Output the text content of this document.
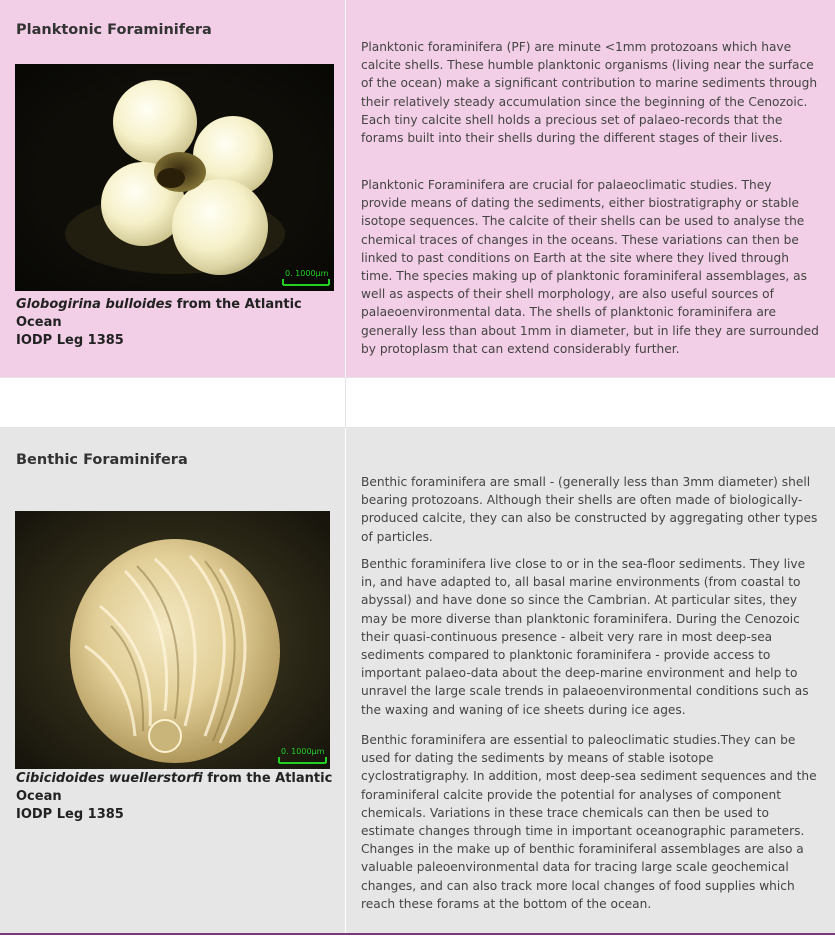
Planktonic Foraminifera
0. 1000µm

Globogirina bulloides from the Atlantic Ocean
IODP Leg 1385

Planktonic foraminifera (PF) are minute <1mm protozoans which have calcite shells. These humble planktonic organisms (living near the surface of the ocean) make a significant contribution to marine sediments through their relatively steady accumulation since the beginning of the Cenozoic. Each tiny calcite shell holds a precious set of palaeo-records that the forams built into their shells during the different stages of their lives.

Planktonic Foraminifera are crucial for palaeoclimatic studies. They provide means of dating the sediments, either biostratigraphy or stable isotope sequences. The calcite of their shells can be used to analyse the chemical traces of changes in the oceans. These variations can then be linked to past conditions on Earth at the site where they lived through time. The species making up of planktonic foraminiferal assemblages, as well as aspects of their shell morphology, are also useful sources of palaeoenvironmental data. The shells of planktonic foraminifera are generally less than about 1mm in diameter, but in life they are surrounded by protoplasm that can extend considerably further.

Benthic Foraminifera
0. 1000µm

Cibicidoides wuellerstorfi from the Atlantic Ocean
IODP Leg 1385

Benthic foraminifera are small - (generally less than 3mm diameter) shell bearing protozoans. Although their shells are often made of biologically-produced calcite, they can also be constructed by aggregating other types of particles.

Benthic foraminifera live close to or in the sea-floor sediments. They live in, and have adapted to, all basal marine environments (from coastal to abyssal) and have done so since the Cambrian. At particular sites, they may be more diverse than planktonic foraminifera. During the Cenozoic their quasi-continuous presence - albeit very rare in most deep-sea sediments compared to planktonic foraminifera - provide access to important palaeo-data about the deep-marine environment and help to unravel the large scale trends in palaeoenvironmental conditions such as the waxing and waning of ice sheets during ice ages.

Benthic foraminifera are essential to paleoclimatic studies.They can be used for dating the sediments by means of stable isotope cyclostratigraphy. In addition, most deep-sea sediment sequences and the foraminiferal calcite provide the potential for analyses of component chemicals. Variations in these trace chemicals can then be used to estimate changes through time in important oceanographic parameters. Changes in the make up of benthic foraminiferal assemblages are also a valuable paleoenvironmental data for tracing large scale geochemical changes, and can also track more local changes of food supplies which reach these forams at the bottom of the ocean.
